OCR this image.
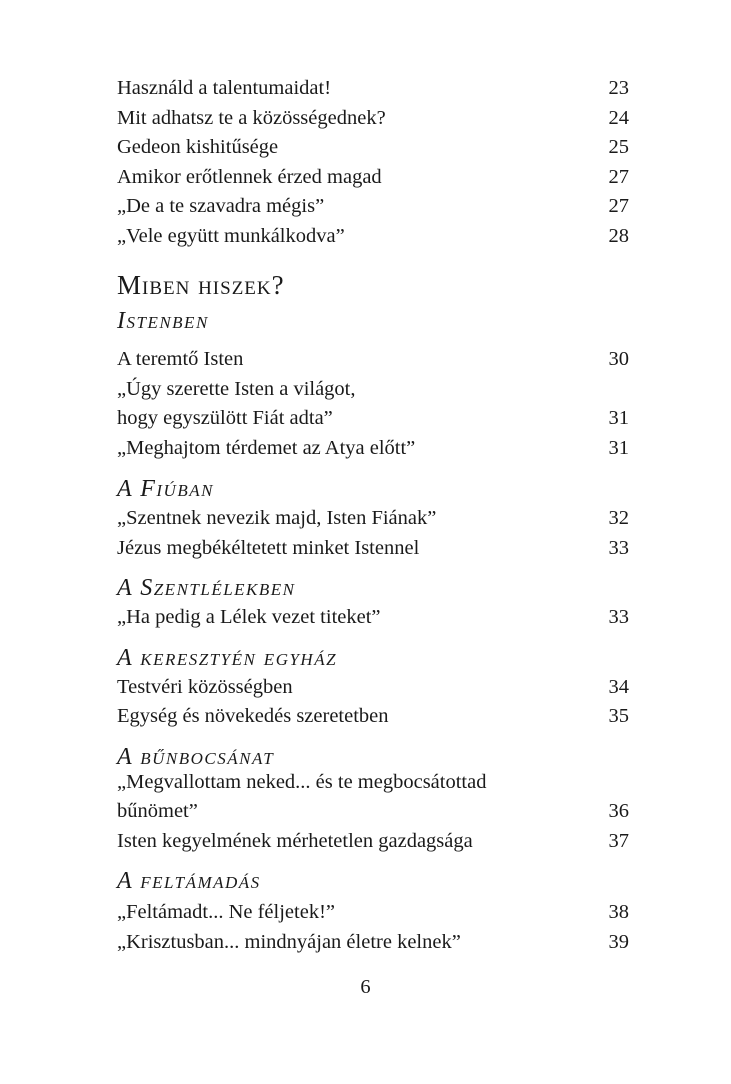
Használd a talentumaidat!	23
Mit adhatsz te a közösségednek?	24
Gedeon kishitűsége	25
Amikor erőtlennek érzed magad	27
„De a te szavadra mégis”	27
„Vele együtt munkálkodva”	28
Miben hiszek?
Istenben
A teremtő Isten	30
„Úgy szerette Isten a világot,
hogy egyszülött Fiát adta”	31
„Meghajtom térdemet az Atya előtt”	31
A Fiúban
„Szentnek nevezik majd, Isten Fiának”	32
Jézus megbékéltetett minket Istennel	33
A Szentlélekben
„Ha pedig a Lélek vezet titeket”	33
A keresztyén egyház
Testvéri közösségben	34
Egység és növekedés szeretetben	35
A bűnbocsánat
„Megvallottam neked... és te megbocsátottad
bűnömet”	36
Isten kegyelmének mérhetetlen gazdagsága	37
A feltámadás
„Feltámadt... Ne féljetek!”	38
„Krisztusban... mindnyájan életre kelnek”	39
6
